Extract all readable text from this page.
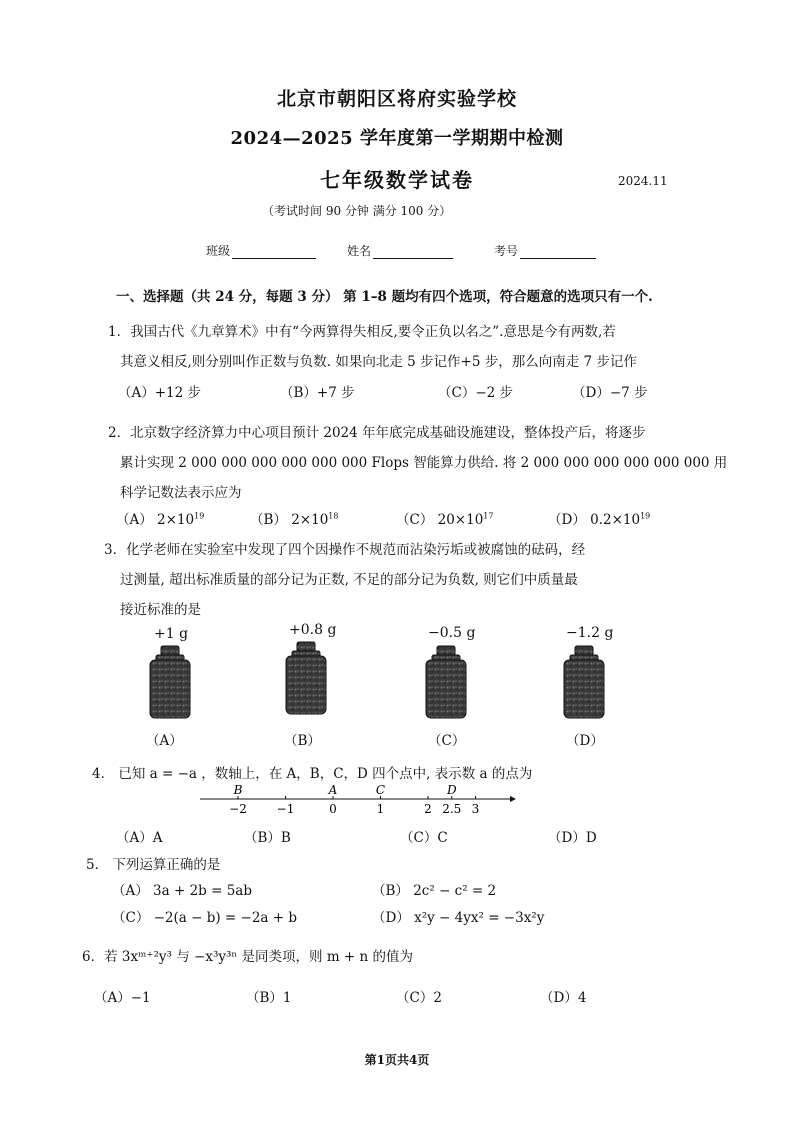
北京市朝阳区将府实验学校
2024—2025 学年度第一学期期中检测
七年级数学试卷	2024.11
（考试时间 90 分钟 满分 100 分）
班级	姓名	考号
一、选择题（共 24 分，每题 3 分） 第 1–8 题均有四个选项，符合题意的选项只有一个.
1．我国古代《九章算术》中有“今两算得失相反,要令正负以名之”.意思是今有两数,若
其意义相反,则分别叫作正数与负数. 如果向北走 5 步记作+5 步，那么向南走 7 步记作
（A）+12 步	（B）+7 步	（C）−2 步	（D）−7 步
2．北京数字经济算力中心项目预计 2024 年年底完成基础设施建设，整体投产后，将逐步
累计实现 2 000 000 000 000 000 000 Flops 智能算力供给. 将 2 000 000 000 000 000 000 用
科学记数法表示应为
（A） $2\times 10^{19}$	（B） $2\times 10^{18}$	（C） $20\times 10^{17}$	（D） $0.2\times 10^{19}$
3．化学老师在实验室中发现了四个因操作不规范而沾染污垢或被腐蚀的砝码，经
过测量, 超出标准质量的部分记为正数, 不足的部分记为负数, 则它们中质量最
接近标准的是
+1 g	+0.8 g	−0.5 g	−1.2 g
（A）	（B）	（C）	（D）
4． 已知 a = −a ，数轴上，在 A，B，C，D 四个点中, 表示数 a 的点为
−2 −1	0	1	2 2.5 3
B	A	C	D
（A）A	（B）B	（C）C	（D）D
5． 下列运算正确的是
（A） 3a + 2b = 5ab	（B） 2c² − c² = 2
（C） −2(a − b) = −2a + b	（D） x²y − 4yx² = −3x²y
6．若 3xᵐ⁺²y³ 与 −x³y³ⁿ 是同类项，则 m + n 的值为
（A）−1	（B）1	（C）2	（D）4
第1页共4页
